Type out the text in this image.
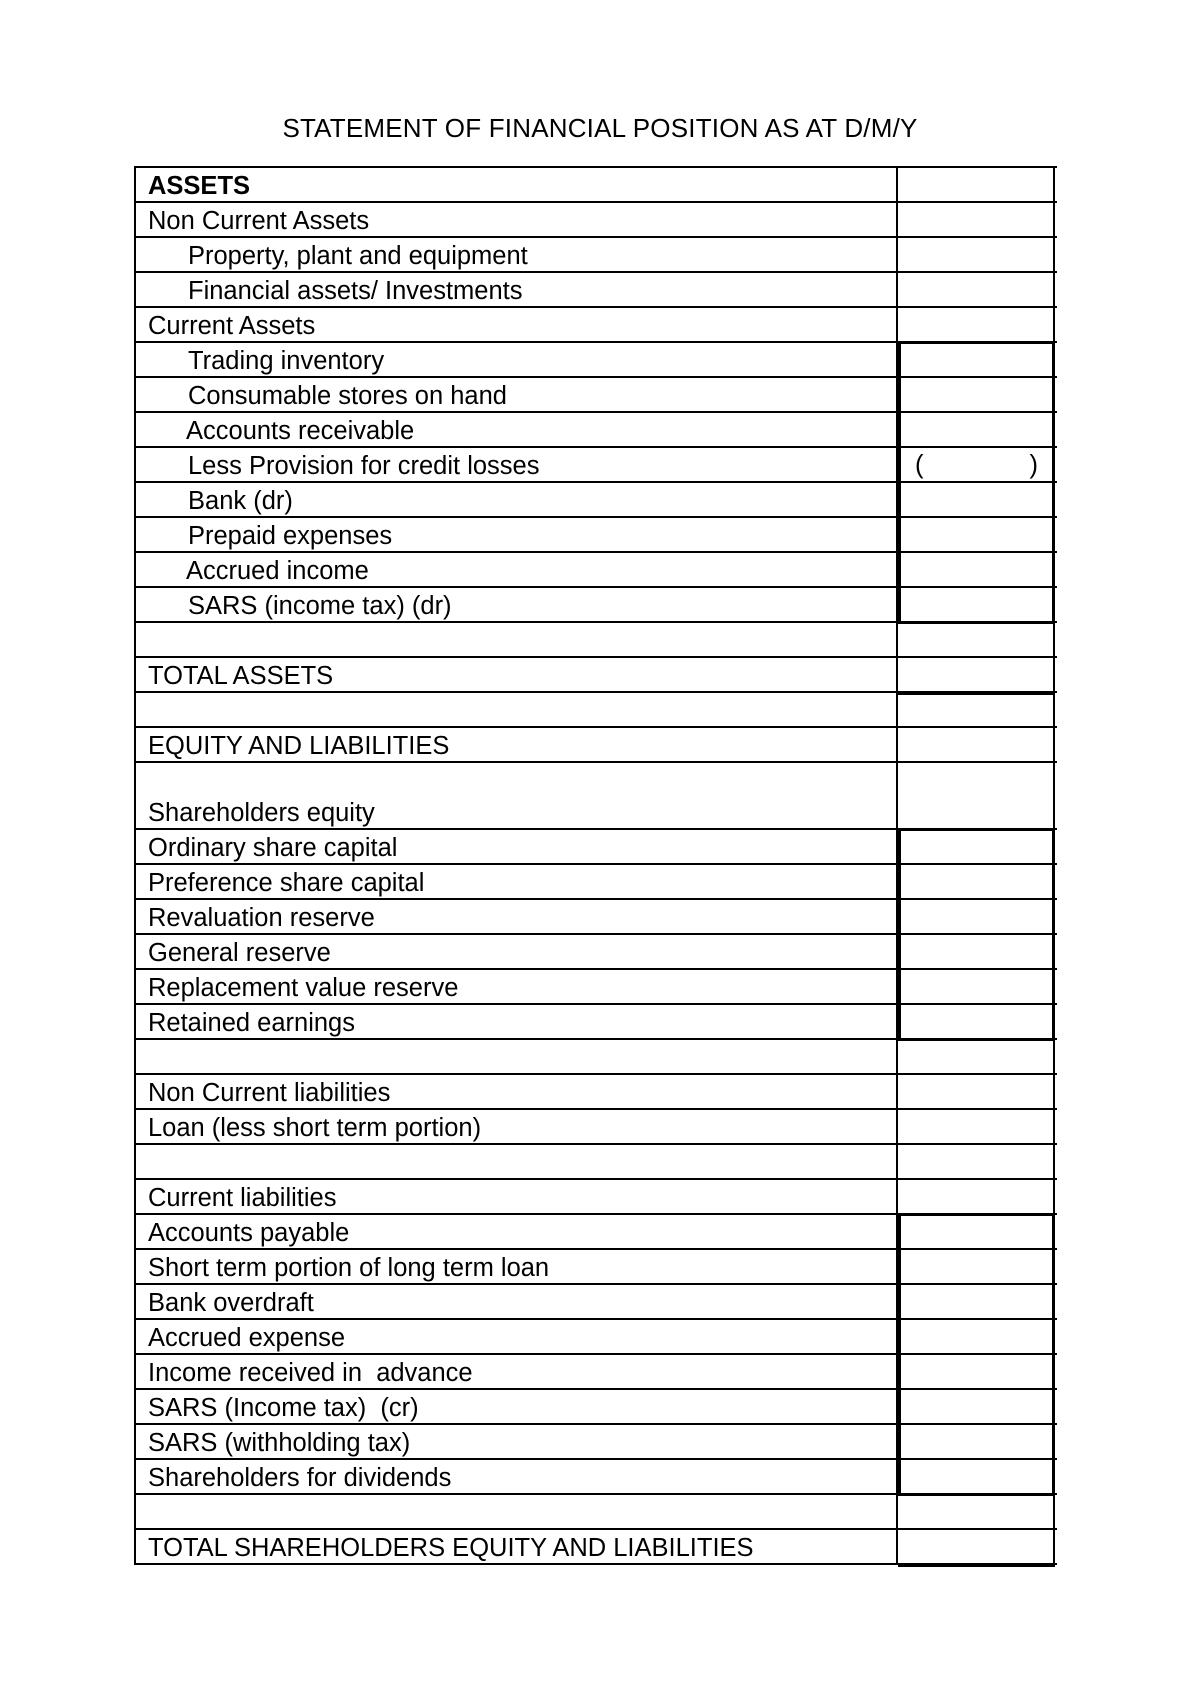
STATEMENT OF FINANCIAL POSITION AS AT D/M/Y
ASSETS
Non Current Assets
Property, plant and equipment
Financial assets/ Investments
Current Assets
Trading inventory
Consumable stores on hand
Accounts receivable
Less Provision for credit losses	(	)
Bank (dr)
Prepaid expenses
Accrued income
SARS (income tax) (dr)
TOTAL ASSETS
EQUITY AND LIABILITIES
Shareholders equity
Ordinary share capital
Preference share capital
Revaluation reserve
General reserve
Replacement value reserve
Retained earnings
Non Current liabilities
Loan (less short term portion)
Current liabilities
Accounts payable
Short term portion of long term loan
Bank overdraft
Accrued expense
Income received in  advance
SARS (Income tax)  (cr)
SARS (withholding tax)
Shareholders for dividends
TOTAL SHAREHOLDERS EQUITY AND LIABILITIES
